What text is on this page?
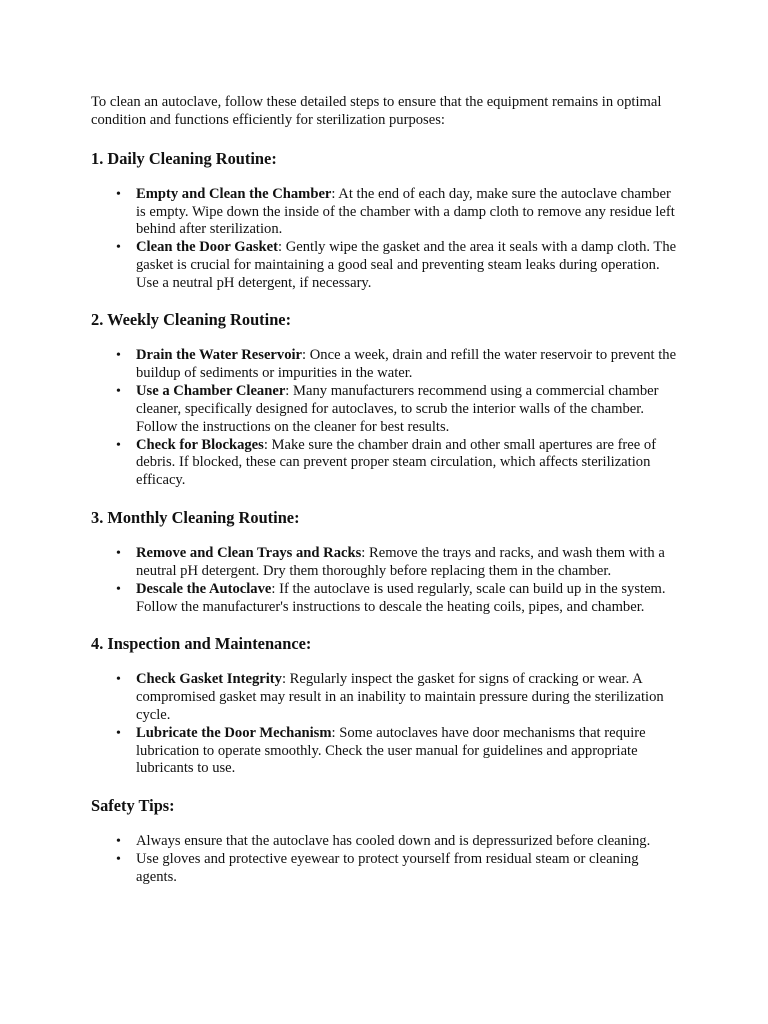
To clean an autoclave, follow these detailed steps to ensure that the equipment remains in optimal condition and functions efficiently for sterilization purposes:

1. Daily Cleaning Routine:
• Empty and Clean the Chamber: At the end of each day, make sure the autoclave chamber is empty. Wipe down the inside of the chamber with a damp cloth to remove any residue left behind after sterilization.
• Clean the Door Gasket: Gently wipe the gasket and the area it seals with a damp cloth. The gasket is crucial for maintaining a good seal and preventing steam leaks during operation. Use a neutral pH detergent, if necessary.
2. Weekly Cleaning Routine:
• Drain the Water Reservoir: Once a week, drain and refill the water reservoir to prevent the buildup of sediments or impurities in the water.
• Use a Chamber Cleaner: Many manufacturers recommend using a commercial chamber cleaner, specifically designed for autoclaves, to scrub the interior walls of the chamber. Follow the instructions on the cleaner for best results.
• Check for Blockages: Make sure the chamber drain and other small apertures are free of debris. If blocked, these can prevent proper steam circulation, which affects sterilization efficacy.
3. Monthly Cleaning Routine:
• Remove and Clean Trays and Racks: Remove the trays and racks, and wash them with a neutral pH detergent. Dry them thoroughly before replacing them in the chamber.
• Descale the Autoclave: If the autoclave is used regularly, scale can build up in the system. Follow the manufacturer's instructions to descale the heating coils, pipes, and chamber.
4. Inspection and Maintenance:
• Check Gasket Integrity: Regularly inspect the gasket for signs of cracking or wear. A compromised gasket may result in an inability to maintain pressure during the sterilization cycle.
• Lubricate the Door Mechanism: Some autoclaves have door mechanisms that require lubrication to operate smoothly. Check the user manual for guidelines and appropriate lubricants to use.
Safety Tips:
• Always ensure that the autoclave has cooled down and is depressurized before cleaning.
• Use gloves and protective eyewear to protect yourself from residual steam or cleaning agents.
